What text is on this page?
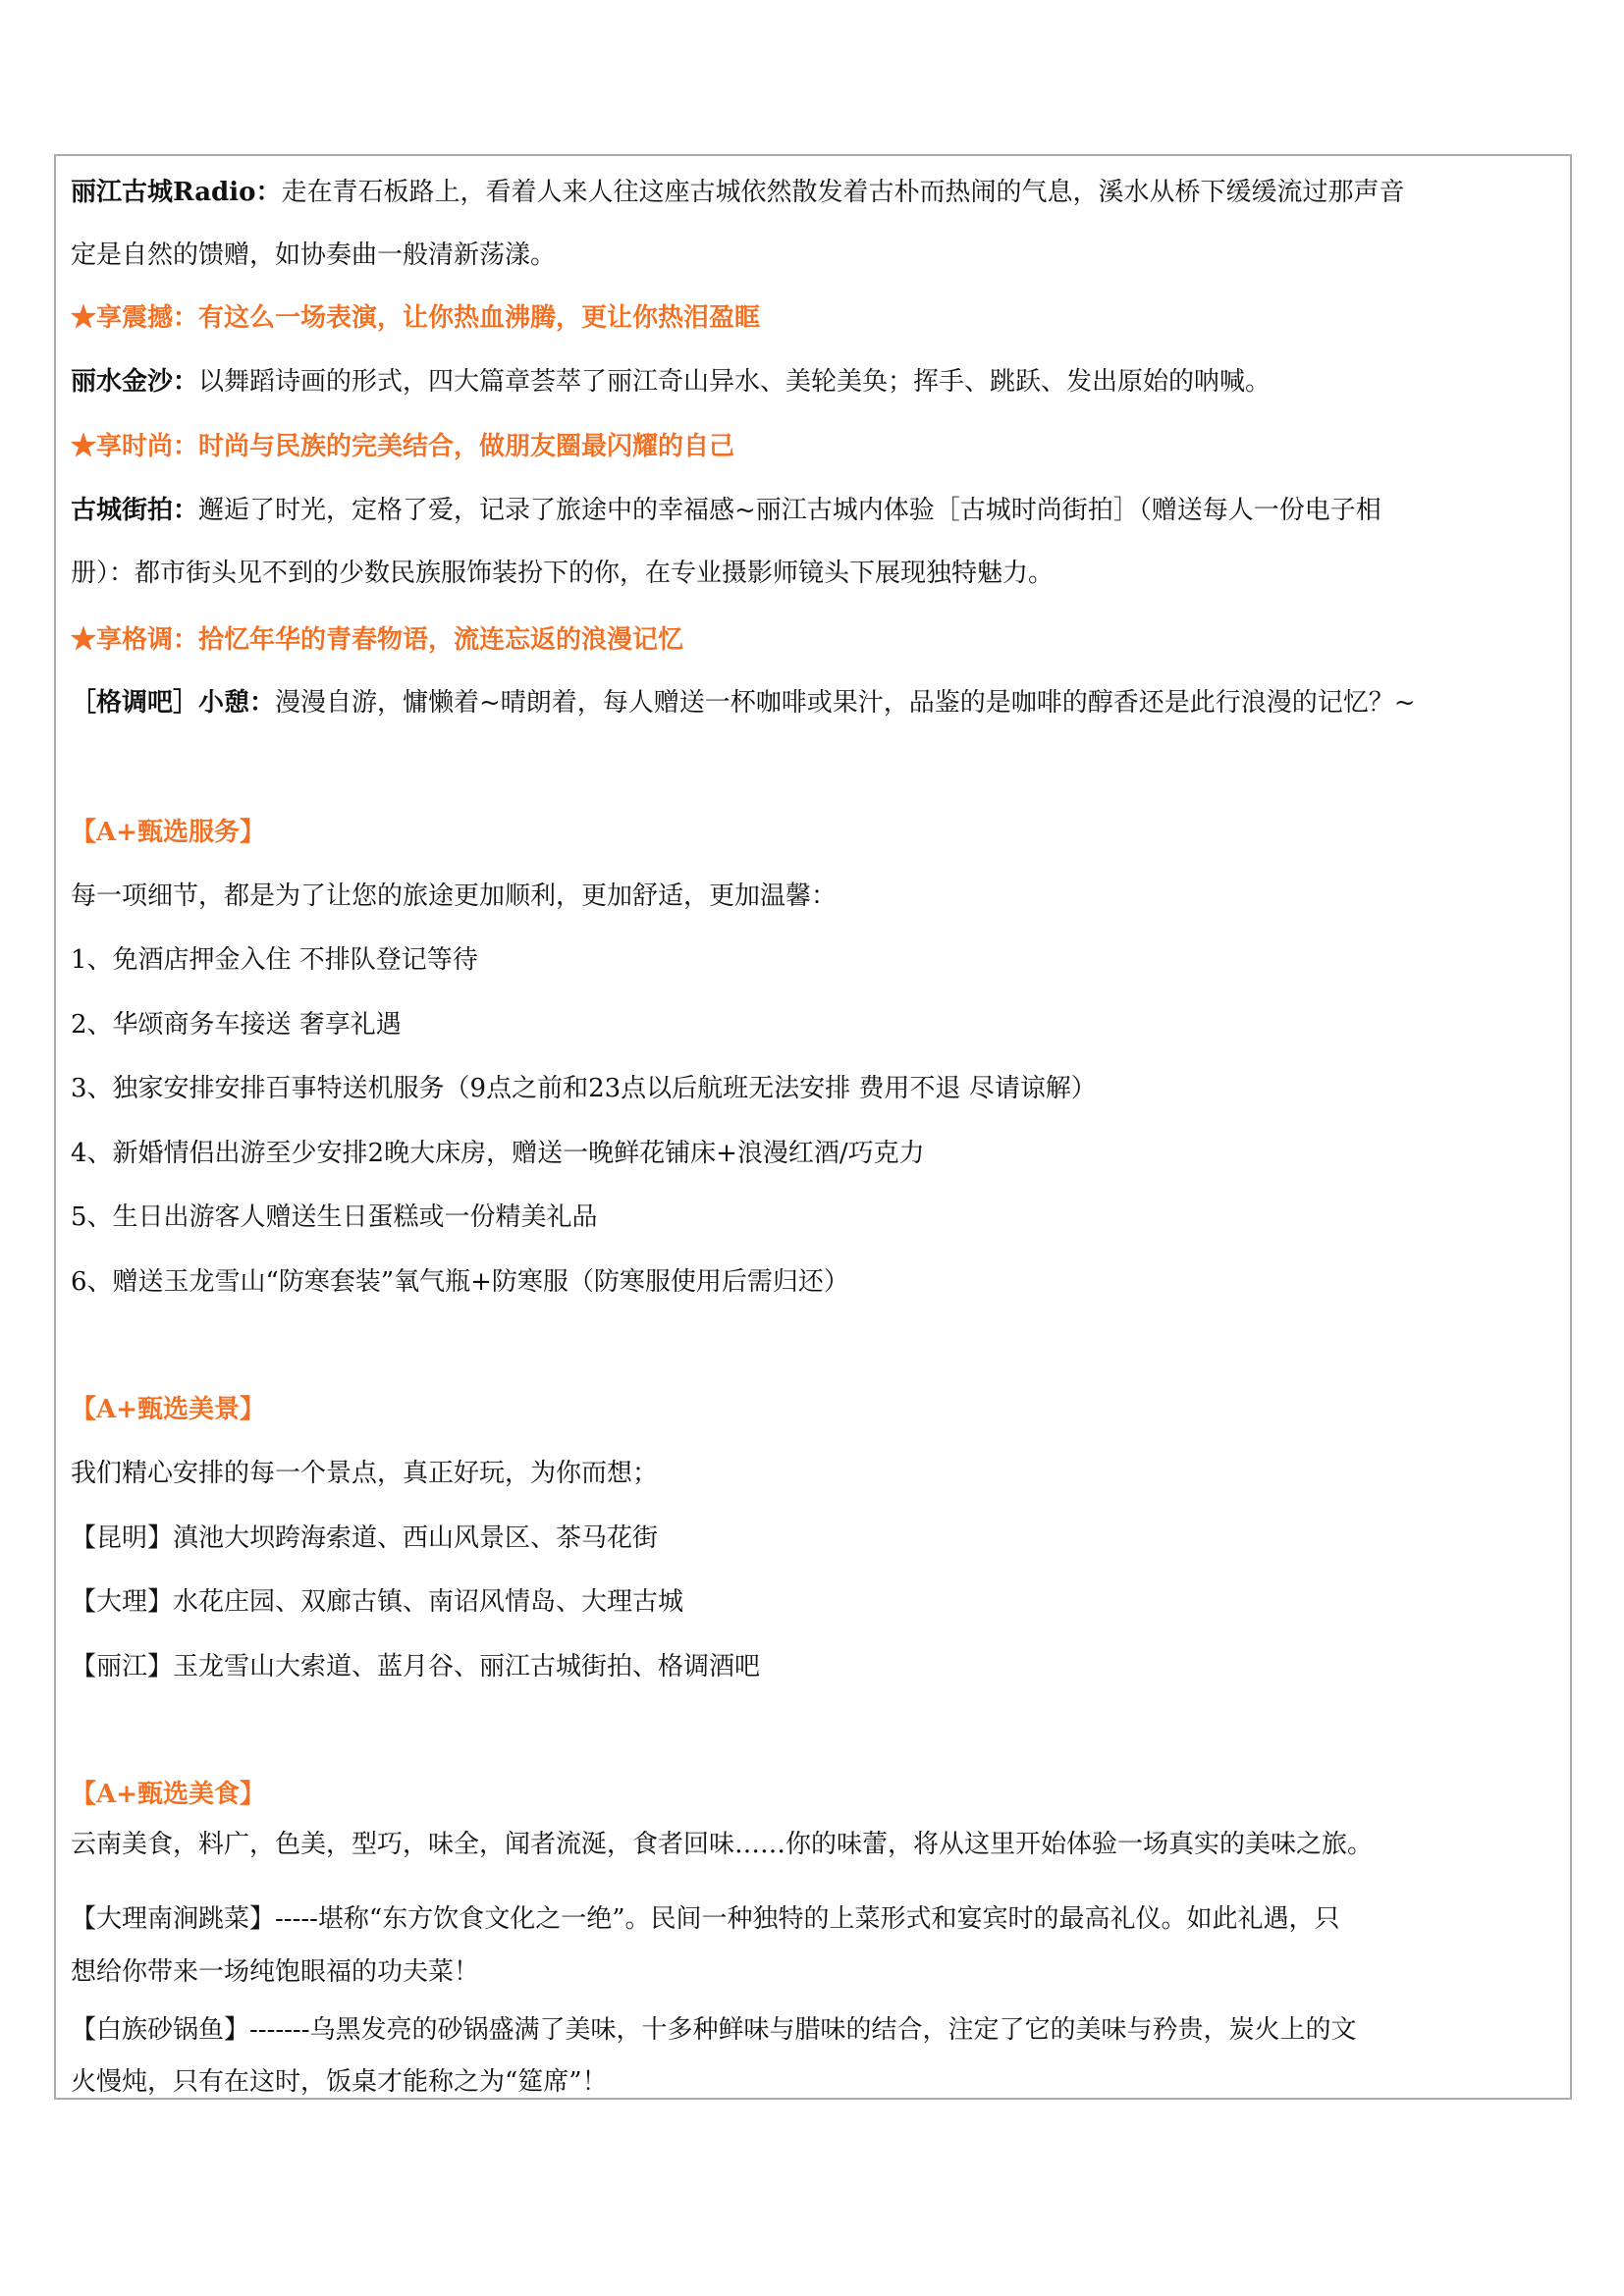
丽江古城Radio：走在青石板路上，看着人来人往这座古城依然散发着古朴而热闹的气息，溪水从桥下缓缓流过那声音
定是自然的馈赠，如协奏曲一般清新荡漾。
★享震撼：有这么一场表演，让你热血沸腾，更让你热泪盈眶
丽水金沙：以舞蹈诗画的形式，四大篇章荟萃了丽江奇山异水、美轮美奂；挥手、跳跃、发出原始的呐喊。
★享时尚：时尚与民族的完美结合，做朋友圈最闪耀的自己
古城街拍：邂逅了时光，定格了爱，记录了旅途中的幸福感~丽江古城内体验［古城时尚街拍］（赠送每人一份电子相
册）：都市街头见不到的少数民族服饰装扮下的你，在专业摄影师镜头下展现独特魅力。
★享格调：拾忆年华的青春物语，流连忘返的浪漫记忆
［格调吧］小憩：漫漫自游，慵懒着~晴朗着，每人赠送一杯咖啡或果汁，品鉴的是咖啡的醇香还是此行浪漫的记忆？~
【A+甄选服务】
每一项细节，都是为了让您的旅途更加顺利，更加舒适，更加温馨：
1、免酒店押金入住 不排队登记等待
2、华颂商务车接送 奢享礼遇
3、独家安排安排百事特送机服务（9点之前和23点以后航班无法安排 费用不退 尽请谅解）
4、新婚情侣出游至少安排2晚大床房，赠送一晚鲜花铺床+浪漫红酒/巧克力
5、生日出游客人赠送生日蛋糕或一份精美礼品
6、赠送玉龙雪山“防寒套装”氧气瓶+防寒服（防寒服使用后需归还）
【A+甄选美景】
我们精心安排的每一个景点，真正好玩，为你而想；
【昆明】滇池大坝跨海索道、西山风景区、茶马花街
【大理】水花庄园、双廊古镇、南诏风情岛、大理古城
【丽江】玉龙雪山大索道、蓝月谷、丽江古城街拍、格调酒吧
【A+甄选美食】
云南美食，料广，色美，型巧，味全，闻者流涎，食者回味……你的味蕾，将从这里开始体验一场真实的美味之旅。
【大理南涧跳菜】-----堪称“东方饮食文化之一绝”。民间一种独特的上菜形式和宴宾时的最高礼仪。如此礼遇，只
想给你带来一场纯饱眼福的功夫菜！
【白族砂锅鱼】-------乌黑发亮的砂锅盛满了美味，十多种鲜味与腊味的结合，注定了它的美味与矜贵，炭火上的文
火慢炖，只有在这时，饭桌才能称之为“筵席”！
